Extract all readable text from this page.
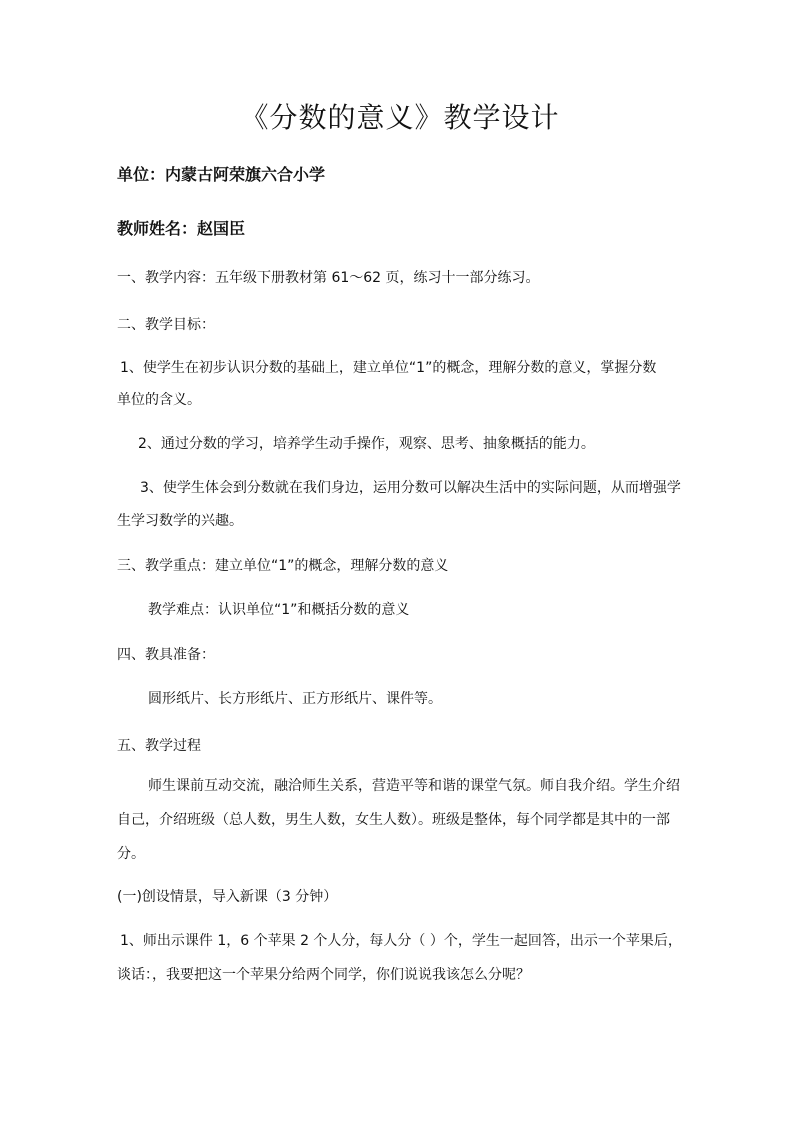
《分数的意义》教学设计
单位：内蒙古阿荣旗六合小学
教师姓名：赵国臣
一、教学内容：五年级下册教材第 61～62 页，练习十一部分练习。
二、教学目标：
1、使学生在初步认识分数的基础上，建立单位“1”的概念，理解分数的意义，掌握分数
单位的含义。
2、通过分数的学习，培养学生动手操作，观察、思考、抽象概括的能力。
3、使学生体会到分数就在我们身边，运用分数可以解决生活中的实际问题，从而增强学
生学习数学的兴趣。
三、教学重点：建立单位“1”的概念，理解分数的意义
教学难点：认识单位“1”和概括分数的意义
四、教具准备：
圆形纸片、长方形纸片、正方形纸片、课件等。
五、教学过程
师生课前互动交流，融洽师生关系，营造平等和谐的课堂气氛。师自我介绍。学生介绍
自己，介绍班级（总人数，男生人数，女生人数）。班级是整体，每个同学都是其中的一部
分。
(一)创设情景，导入新课（3 分钟）
1、师出示课件 1，6 个苹果 2 个人分，每人分（ ）个，学生一起回答，出示一个苹果后，
谈话：，我要把这一个苹果分给两个同学，你们说说我该怎么分呢？
